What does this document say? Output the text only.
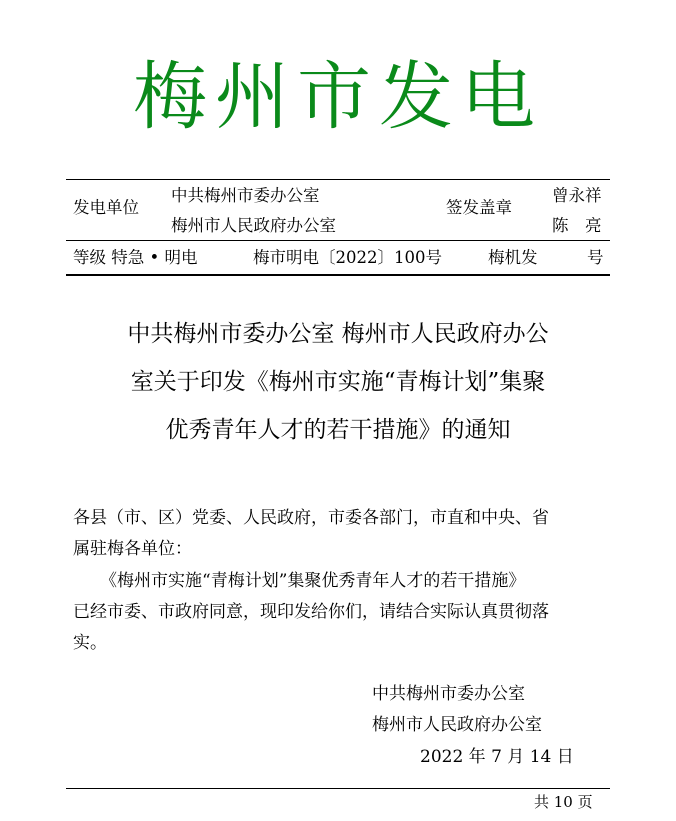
梅州市发电
发电单位
中共梅州市委办公室
梅州市人民政府办公室
签发盖章
曾永祥
陈　亮
等级 特急 • 明电	梅市明电〔2022〕100号	梅机发　　　号
中共梅州市委办公室 梅州市人民政府办公
室关于印发《梅州市实施“青梅计划”集聚
优秀青年人才的若干措施》的通知
各县（市、区）党委、人民政府，市委各部门，市直和中央、省
属驻梅各单位：
《梅州市实施“青梅计划”集聚优秀青年人才的若干措施》
已经市委、市政府同意，现印发给你们，请结合实际认真贯彻落
实。
中共梅州市委办公室
梅州市人民政府办公室
2022 年 7 月 14 日
共 10 页
